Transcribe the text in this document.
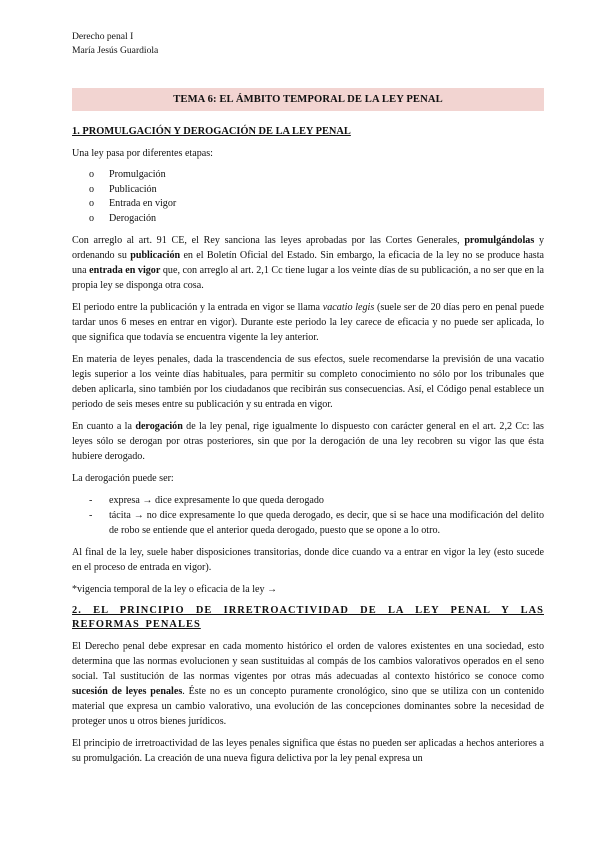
Derecho penal I
María Jesús Guardiola
TEMA 6: EL ÁMBITO TEMPORAL DE LA LEY PENAL
1. PROMULGACIÓN Y DEROGACIÓN DE LA LEY PENAL

Una ley pasa por diferentes etapas:

o Promulgación
o Publicación
o Entrada en vigor
o Derogación

Con arreglo al art. 91 CE, el Rey sanciona las leyes aprobadas por las Cortes Generales, promulgándolas y ordenando su publicación en el Boletín Oficial del Estado. Sin embargo, la eficacia de la ley no se produce hasta una entrada en vigor que, con arreglo al art. 2,1 Cc tiene lugar a los veinte días de su publicación, a no ser que en la propia ley se disponga otra cosa.

El periodo entre la publicación y la entrada en vigor se llama vacatio legis (suele ser de 20 días pero en penal puede tardar unos 6 meses en entrar en vigor). Durante este periodo la ley carece de eficacia y no puede ser aplicada, lo que significa que todavía se encuentra vigente la ley anterior.

En materia de leyes penales, dada la trascendencia de sus efectos, suele recomendarse la previsión de una vacatio legis superior a los veinte días habituales, para permitir su completo conocimiento no sólo por los tribunales que deben aplicarla, sino también por los ciudadanos que recibirán sus consecuencias. Así, el Código penal establece un periodo de seis meses entre su publicación y su entrada en vigor.

En cuanto a la derogación de la ley penal, rige igualmente lo dispuesto con carácter general en el art. 2,2 Cc: las leyes sólo se derogan por otras posteriores, sin que por la derogación de una ley recobren su vigor las que ésta hubiere derogado.

La derogación puede ser:

- expresa → dice expresamente lo que queda derogado
- tácita → no dice expresamente lo que queda derogado, es decir, que si se hace una modificación del delito de robo se entiende que el anterior queda derogado, puesto que se opone a lo otro.

Al final de la ley, suele haber disposiciones transitorias, donde dice cuando va a entrar en vigor la ley (esto sucede en el proceso de entrada en vigor).

*vigencia temporal de la ley o eficacia de la ley →

2. EL PRINCIPIO DE IRRETROACTIVIDAD DE LA LEY PENAL Y LAS REFORMAS PENALES

El Derecho penal debe expresar en cada momento histórico el orden de valores existentes en una sociedad, esto determina que las normas evolucionen y sean sustituidas al compás de los cambios valorativos operados en el seno social. Tal sustitución de las normas vigentes por otras más adecuadas al contexto histórico se conoce como sucesión de leyes penales. Éste no es un concepto puramente cronológico, sino que se utiliza con un contenido material que expresa un cambio valorativo, una evolución de las concepciones dominantes sobre la necesidad de proteger unos u otros bienes jurídicos.

El principio de irretroactividad de las leyes penales significa que éstas no pueden ser aplicadas a hechos anteriores a su promulgación. La creación de una nueva figura delictiva por la ley penal expresa un
